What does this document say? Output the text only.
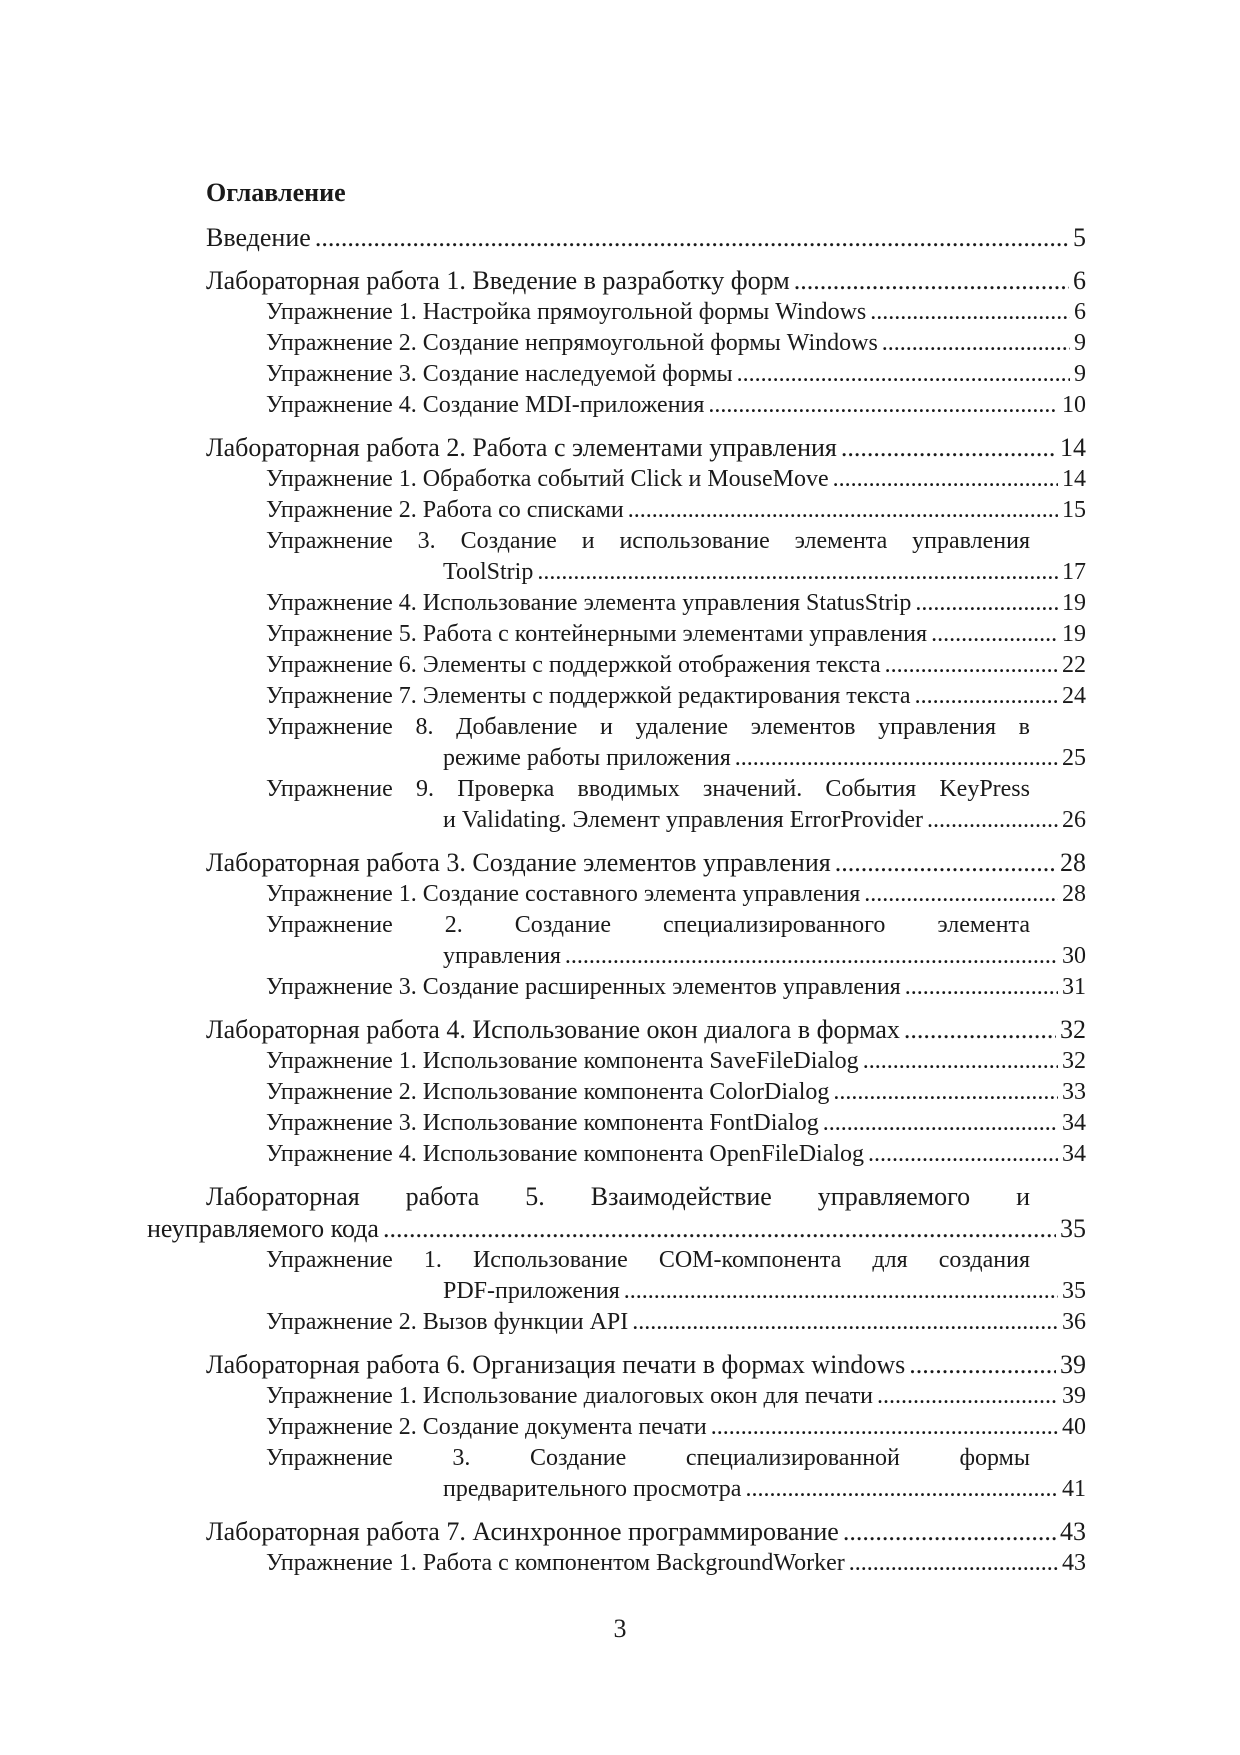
Оглавление
Введение .....	5
Лабораторная работа 1. Введение в разработку форм .....	6
Упражнение 1. Настройка прямоугольной формы Windows .....	6
Упражнение 2. Создание непрямоугольной формы Windows .....	9
Упражнение 3. Создание наследуемой формы .....	9
Упражнение 4. Создание MDI-приложения .....	10
Лабораторная работа 2. Работа с элементами управления .....	14
Упражнение 1. Обработка событий Click и MouseMove .....	14
Упражнение 2. Работа со списками .....	15
Упражнение 3. Создание и использование элемента управления
ToolStrip .....	17
Упражнение 4. Использование элемента управления StatusStrip .....	19
Упражнение 5. Работа с контейнерными элементами управления .....	19
Упражнение 6. Элементы с поддержкой отображения текста .....	22
Упражнение 7. Элементы с поддержкой редактирования текста .....	24
Упражнение 8. Добавление и удаление элементов управления в
режиме работы приложения .....	25
Упражнение 9. Проверка вводимых значений. События KeyPress
и Validating. Элемент управления ErrorProvider .....	26
Лабораторная работа 3. Создание элементов управления .....	28
Упражнение 1. Создание составного элемента управления .....	28
Упражнение 2. Создание специализированного элемента
управления .....	30
Упражнение 3. Создание расширенных элементов управления .....	31
Лабораторная работа 4. Использование окон диалога в формах .....	32
Упражнение 1. Использование компонента SaveFileDialog .....	32
Упражнение 2. Использование компонента ColorDialog .....	33
Упражнение 3. Использование компонента FontDialog .....	34
Упражнение 4. Использование компонента OpenFileDialog .....	34
Лабораторная работа 5. Взаимодействие управляемого и
неуправляемого кода .....	35
Упражнение 1. Использование COM-компонента для создания
PDF-приложения .....	35
Упражнение 2. Вызов функции API .....	36
Лабораторная работа 6. Организация печати в формах windows .....	39
Упражнение 1. Использование диалоговых окон для печати .....	39
Упражнение 2. Создание документа печати .....	40
Упражнение 3. Создание специализированной формы
предварительного просмотра .....	41
Лабораторная работа 7. Асинхронное программирование .....	43
Упражнение 1. Работа с компонентом BackgroundWorker .....	43
3
